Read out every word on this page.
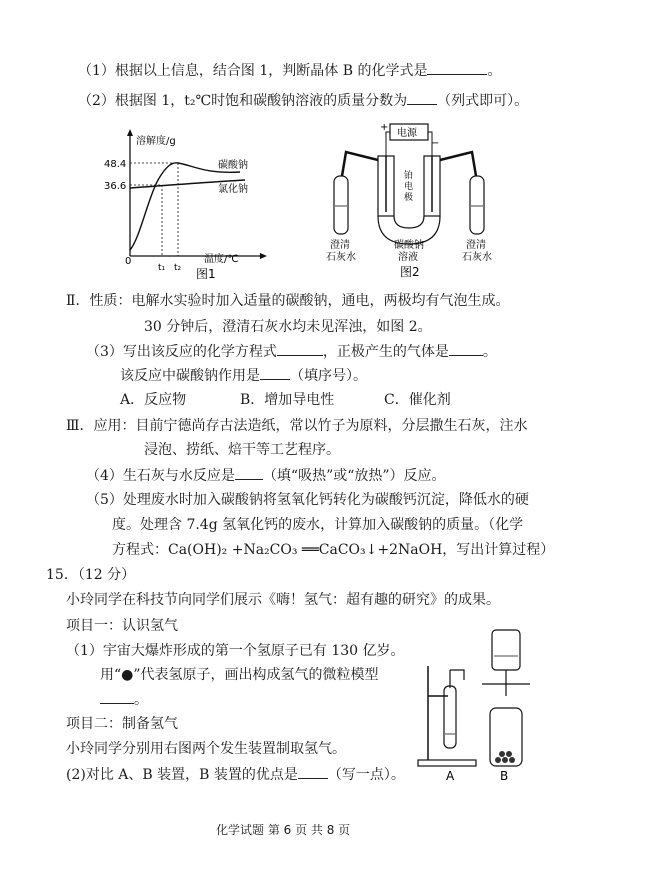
（1）根据以上信息，结合图 1，判断晶体 B 的化学式是	。
（2）根据图 1，t₂℃时饱和碳酸钠溶液的质量分数为 （列式即可）。
溶解度/g
温度/℃
0
48.4
36.6
t₁ t₂
碳酸钠
氯化钠
图1
电源
+
−
铂
电
极
澄清
石灰水
碳酸钠
溶液
澄清
石灰水
图2
Ⅱ．性质：电解水实验时加入适量的碳酸钠，通电，两极均有气泡生成。
30 分钟后，澄清石灰水均未见浑浊，如图 2。
（3）写出该反应的化学方程式	，正极产生的气体是 。
该反应中碳酸钠作用是 （填序号）。
A．反应物	B．增加导电性	C．催化剂
Ⅲ．应用：目前宁德尚存古法造纸，常以竹子为原料，分层撒生石灰，注水
浸泡、捞纸、焙干等工艺程序。
（4）生石灰与水反应是 （填“吸热”或“放热”）反应。
（5）处理废水时加入碳酸钠将氢氧化钙转化为碳酸钙沉淀，降低水的硬
度。处理含 7.4g 氢氧化钙的废水，计算加入碳酸钠的质量。（化学
方程式：Ca(OH)₂ +Na₂CO₃ ══CaCO₃↓+2NaOH，写出计算过程）
15．（12 分）
小玲同学在科技节向同学们展示《嗨！氢气：超有趣的研究》的成果。
项目一：认识氢气
（1）宇宙大爆炸形成的第一个氢原子已有 130 亿岁。
用“●”代表氢原子，画出构成氢气的微粒模型
。
项目二：制备氢气
小玲同学分别用右图两个发生装置制取氢气。
(2)对比 A、B 装置，B 装置的优点是 （写一点）。	A	B
化学试题 第 6 页 共 8 页
